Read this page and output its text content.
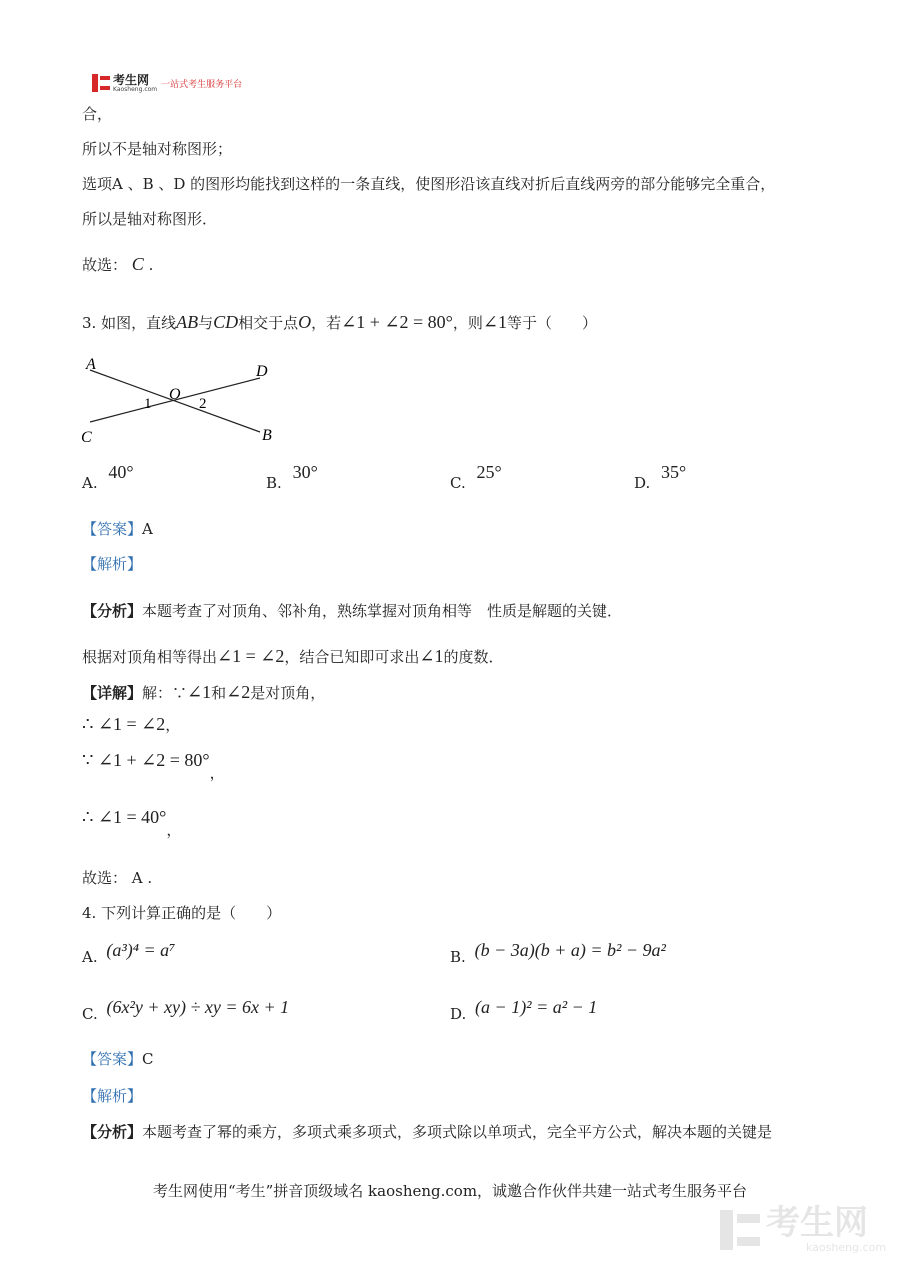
考生网
Kaosheng.com 一站式考生服务平台
合，
所以不是轴对称图形；
选项A 、B 、D 的图形均能找到这样的一条直线，使图形沿该直线对折后直线两旁的部分能够完全重合，
所以是轴对称图形．
故选： C .
3. 如图，直线AB与CD相交于点O，若∠1 + ∠2 = 80°，则∠1等于（　　）
A
B
C
D
O
1	2
A. 40°
B. 30°
C. 25°
D. 35°
【答案】A
【解析】
【分析】本题考查了对顶角、邻补角，熟练掌握对顶角相等　性质是解题的关键．
根据对顶角相等得出∠1 = ∠2，结合已知即可求出∠1的度数．
【详解】解：∵∠1和∠2是对顶角，
∴ ∠1 = ∠2，
∵ ∠1 + ∠2 = 80°，
∴ ∠1 = 40°，
故选： A .
4. 下列计算正确的是（　　）
A. (a³)⁴ = a⁷	B. (b − 3a)(b + a) = b² − 9a²
C. (6x²y + xy) ÷ xy = 6x + 1	D. (a − 1)² = a² − 1
【答案】C
【解析】
【分析】本题考查了幂的乘方，多项式乘多项式，多项式除以单项式，完全平方公式，解决本题的关键是
考生网使用“考生”拼音顶级域名 kaosheng.com，诚邀合作伙伴共建一站式考生服务平台
考生网
kaosheng.com
